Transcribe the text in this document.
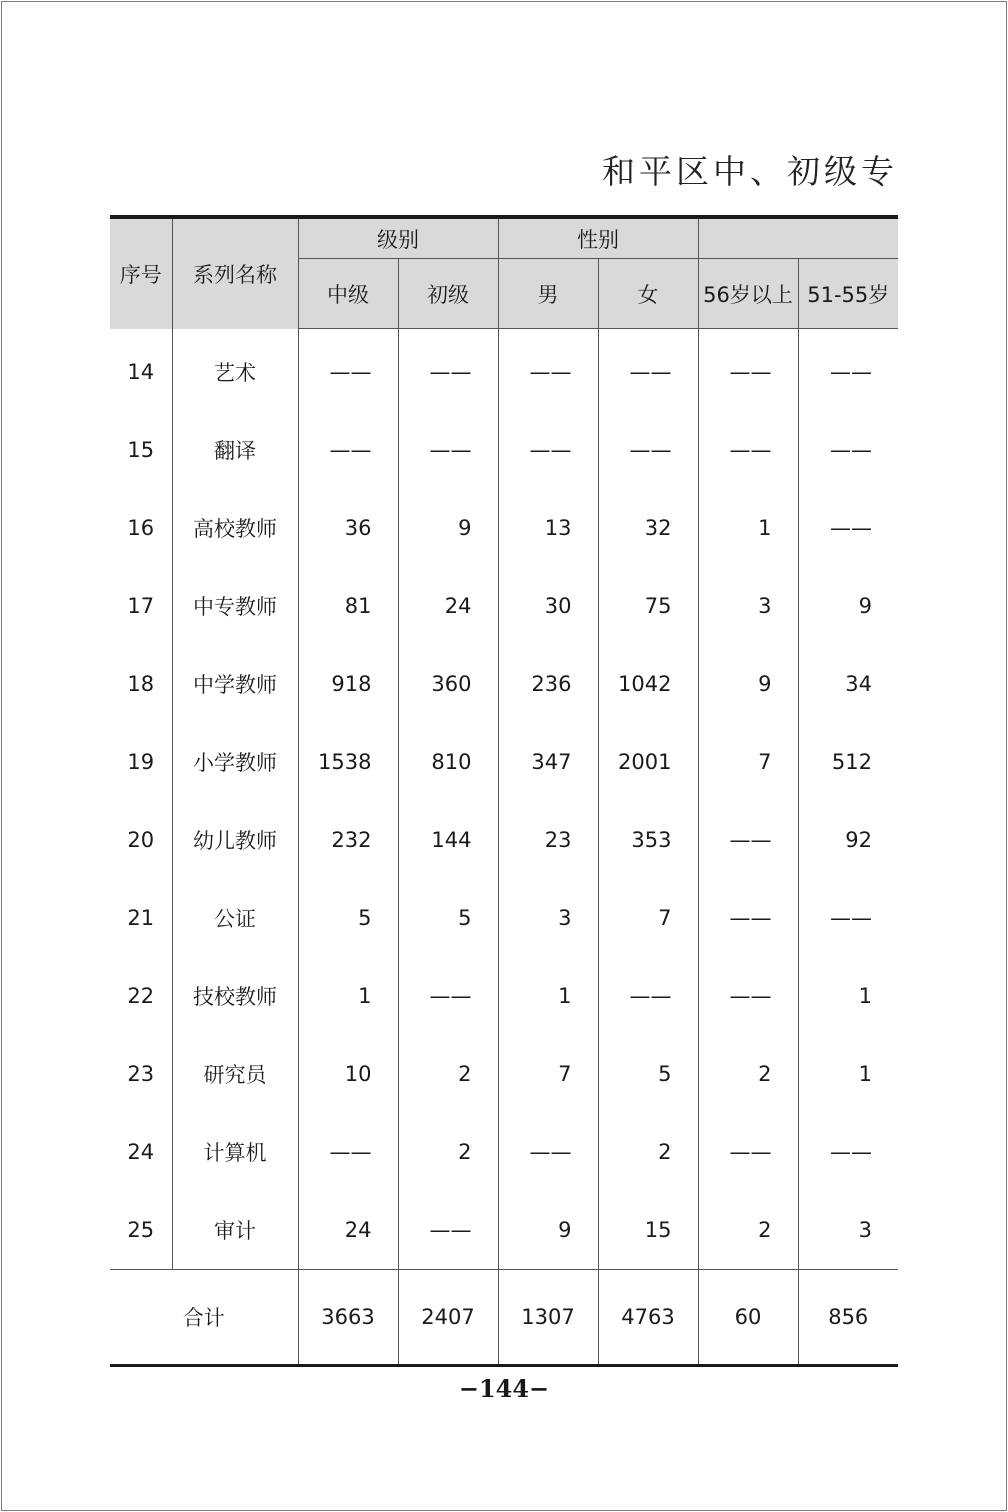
和平区中、初级专
序号	系列名称	级别		性别			
		中级	初级	男	女	56岁以上	51-55岁
14	艺术	——	——	——	——	——	——
15	翻译	——	——	——	——	——	——
16	高校教师	36	9	13	32	1	——
17	中专教师	81	24	30	75	3	9
18	中学教师	918	360	236	1042	9	34
19	小学教师	1538	810	347	2001	7	512
20	幼儿教师	232	144	23	353	——	92
21	公证	5	5	3	7	——	——
22	技校教师	1	——	1	——	——	1
23	研究员	10	2	7	5	2	1
24	计算机	——	2	——	2	——	——
25	审计	24	——	9	15	2	3
合计		3663	2407	1307	4763	60	856
−144−
